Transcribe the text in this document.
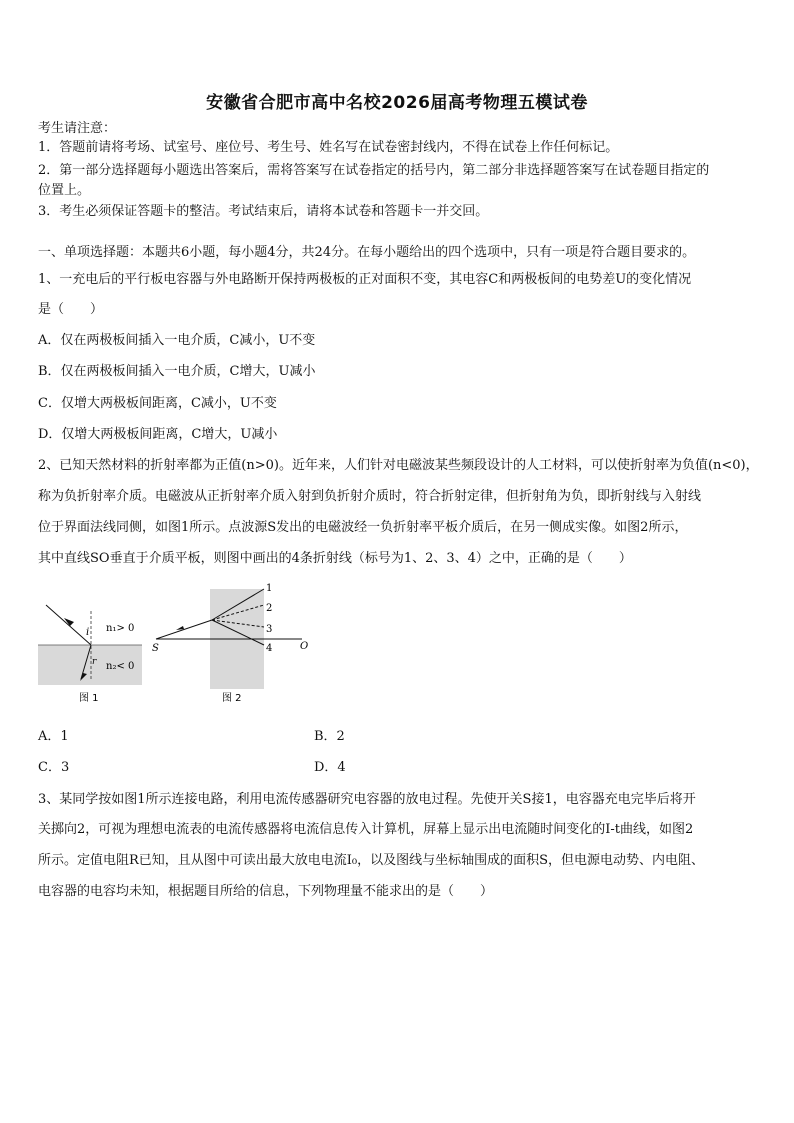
安徽省合肥市高中名校2026届高考物理五模试卷
考生请注意：
1．答题前请将考场、试室号、座位号、考生号、姓名写在试卷密封线内，不得在试卷上作任何标记。
2．第一部分选择题每小题选出答案后，需将答案写在试卷指定的括号内，第二部分非选择题答案写在试卷题目指定的
位置上。
3．考生必须保证答题卡的整洁。考试结束后，请将本试卷和答题卡一并交回。
一、单项选择题：本题共6小题，每小题4分，共24分。在每小题给出的四个选项中，只有一项是符合题目要求的。
1、一充电后的平行板电容器与外电路断开保持两极板的正对面积不变，其电容C和两极板间的电势差U的变化情况
是（　　）
A．仅在两极板间插入一电介质，C减小，U不变
B．仅在两极板间插入一电介质，C增大，U减小
C．仅增大两极板间距离，C减小，U不变
D．仅增大两极板间距离，C增大，U减小
2、已知天然材料的折射率都为正值(n>0)。近年来，人们针对电磁波某些频段设计的人工材料，可以使折射率为负值(n<0)，
称为负折射率介质。电磁波从正折射率介质入射到负折射介质时，符合折射定律，但折射角为负，即折射线与入射线
位于界面法线同侧，如图1所示。点波源S发出的电磁波经一负折射率平板介质后，在另一侧成实像。如图2所示，
其中直线SO垂直于介质平板，则图中画出的4条折射线（标号为1、2、3、4）之中，正确的是（　　）
i
r
n₁> 0
n₂< 0
图 1
S	O
1
2
3
4
图 2
A．1	B．2
C．3	D．4
3、某同学按如图1所示连接电路，利用电流传感器研究电容器的放电过程。先使开关S接1，电容器充电完毕后将开
关掷向2，可视为理想电流表的电流传感器将电流信息传入计算机，屏幕上显示出电流随时间变化的I-t曲线，如图2
所示。定值电阻R已知，且从图中可读出最大放电电流I₀，以及图线与坐标轴围成的面积S，但电源电动势、内电阻、
电容器的电容均未知，根据题目所给的信息，下列物理量不能求出的是（　　）
